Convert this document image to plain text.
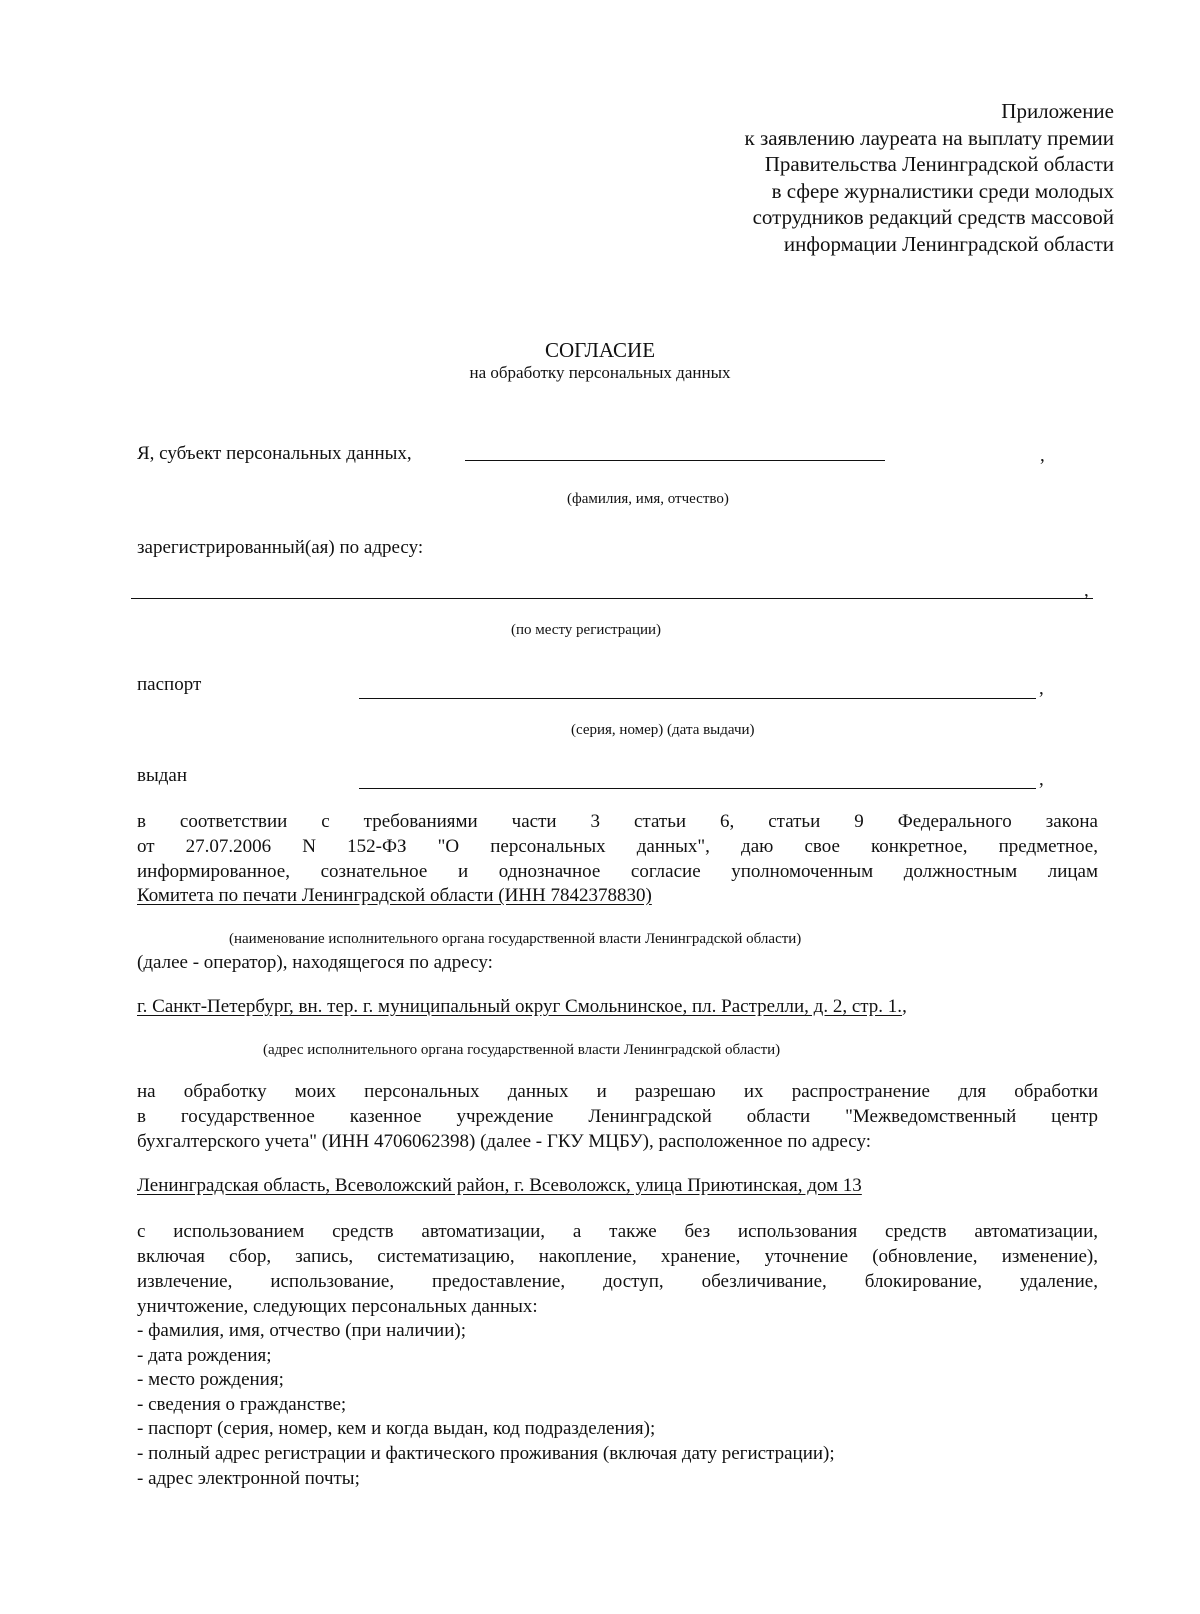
Приложение
к заявлению лауреата на выплату премии
Правительства Ленинградской области
в сфере журналистики среди молодых
сотрудников редакций средств массовой
информации Ленинградской области
СОГЛАСИЕ
на обработку персональных данных
Я, субъект персональных данных,	,
(фамилия, имя, отчество)
зарегистрированный(ая) по адресу:
,
(по месту регистрации)
паспорт	,
(серия, номер) (дата выдачи)
выдан	,
в соответствии с требованиями части 3 статьи 6, статьи 9 Федерального закона
от 27.07.2006 N 152-ФЗ "О персональных данных", даю свое конкретное, предметное,
информированное, сознательное и однозначное согласие уполномоченным должностным лицам
Комитета по печати Ленинградской области (ИНН 7842378830)
(наименование исполнительного органа государственной власти Ленинградской области)
(далее - оператор), находящегося по адресу:
г. Санкт-Петербург, вн. тер. г. муниципальный округ Смольнинское, пл. Растрелли, д. 2, стр. 1.,
(адрес исполнительного органа государственной власти Ленинградской области)
на обработку моих персональных данных и разрешаю их распространение для обработки
в государственное казенное учреждение Ленинградской области "Межведомственный центр
бухгалтерского учета" (ИНН 4706062398) (далее - ГКУ МЦБУ), расположенное по адресу:
Ленинградская область, Всеволожский район, г. Всеволожск, улица Приютинская, дом 13
с использованием средств автоматизации, а также без использования средств автоматизации,
включая сбор, запись, систематизацию, накопление, хранение, уточнение (обновление, изменение),
извлечение, использование, предоставление, доступ, обезличивание, блокирование, удаление,
уничтожение, следующих персональных данных:
- фамилия, имя, отчество (при наличии);
- дата рождения;
- место рождения;
- сведения о гражданстве;
- паспорт (серия, номер, кем и когда выдан, код подразделения);
- полный адрес регистрации и фактического проживания (включая дату регистрации);
- адрес электронной почты;
